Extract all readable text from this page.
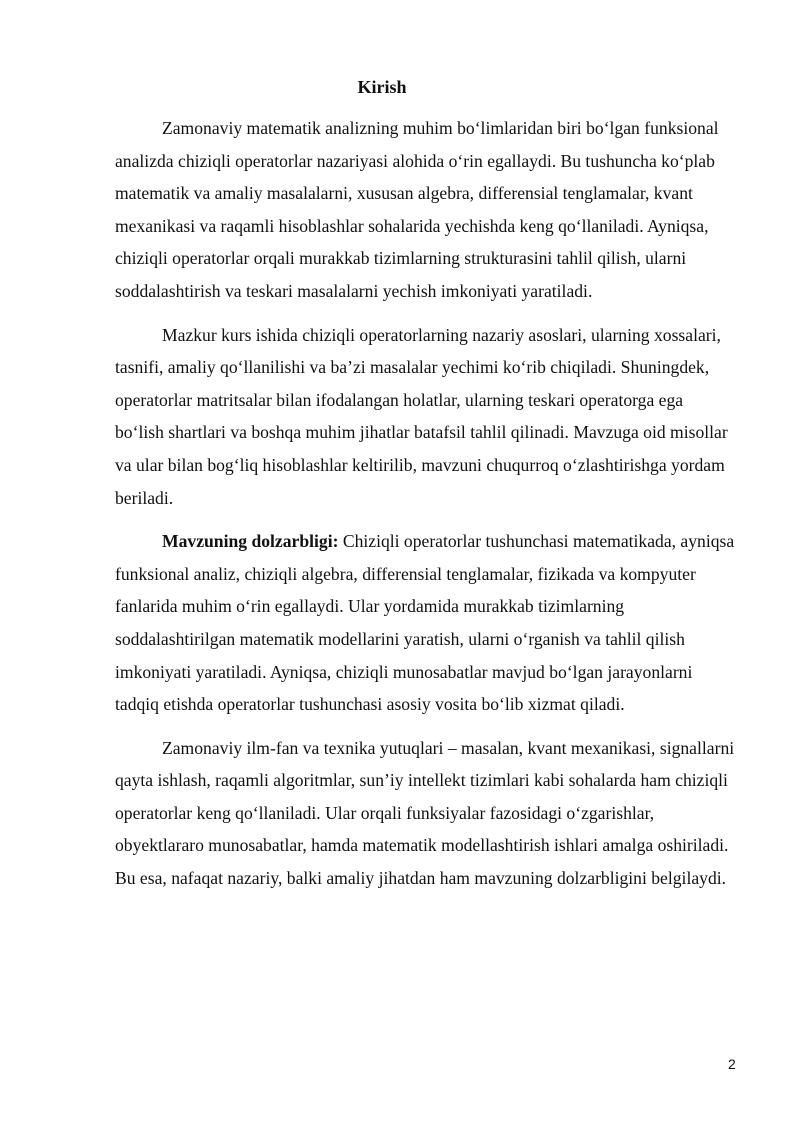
Kirish

Zamonaviy matematik analizning muhim bo‘limlaridan biri bo‘lgan funksional analizda chiziqli operatorlar nazariyasi alohida o‘rin egallaydi. Bu tushuncha ko‘plab matematik va amaliy masalalarni, xususan algebra, differensial tenglamalar, kvant mexanikasi va raqamli hisoblashlar sohalarida yechishda keng qo‘llaniladi. Ayniqsa, chiziqli operatorlar orqali murakkab tizimlarning strukturasini tahlil qilish, ularni soddalashtirish va teskari masalalarni yechish imkoniyati yaratiladi.

Mazkur kurs ishida chiziqli operatorlarning nazariy asoslari, ularning xossalari, tasnifi, amaliy qo‘llanilishi va ba’zi masalalar yechimi ko‘rib chiqiladi. Shuningdek, operatorlar matritsalar bilan ifodalangan holatlar, ularning teskari operatorga ega bo‘lish shartlari va boshqa muhim jihatlar batafsil tahlil qilinadi. Mavzuga oid misollar va ular bilan bog‘liq hisoblashlar keltirilib, mavzuni chuqurroq o‘zlashtirishga yordam beriladi.

Mavzuning dolzarbligi: Chiziqli operatorlar tushunchasi matematikada, ayniqsa funksional analiz, chiziqli algebra, differensial tenglamalar, fizikada va kompyuter fanlarida muhim o‘rin egallaydi. Ular yordamida murakkab tizimlarning soddalashtirilgan matematik modellarini yaratish, ularni o‘rganish va tahlil qilish imkoniyati yaratiladi. Ayniqsa, chiziqli munosabatlar mavjud bo‘lgan jarayonlarni tadqiq etishda operatorlar tushunchasi asosiy vosita bo‘lib xizmat qiladi.

Zamonaviy ilm-fan va texnika yutuqlari – masalan, kvant mexanikasi, signallarni qayta ishlash, raqamli algoritmlar, sun’iy intellekt tizimlari kabi sohalarda ham chiziqli operatorlar keng qo‘llaniladi. Ular orqali funksiyalar fazosidagi o‘zgarishlar, obyektlararo munosabatlar, hamda matematik modellashtirish ishlari amalga oshiriladi. Bu esa, nafaqat nazariy, balki amaliy jihatdan ham mavzuning dolzarbligini belgilaydi.

2
